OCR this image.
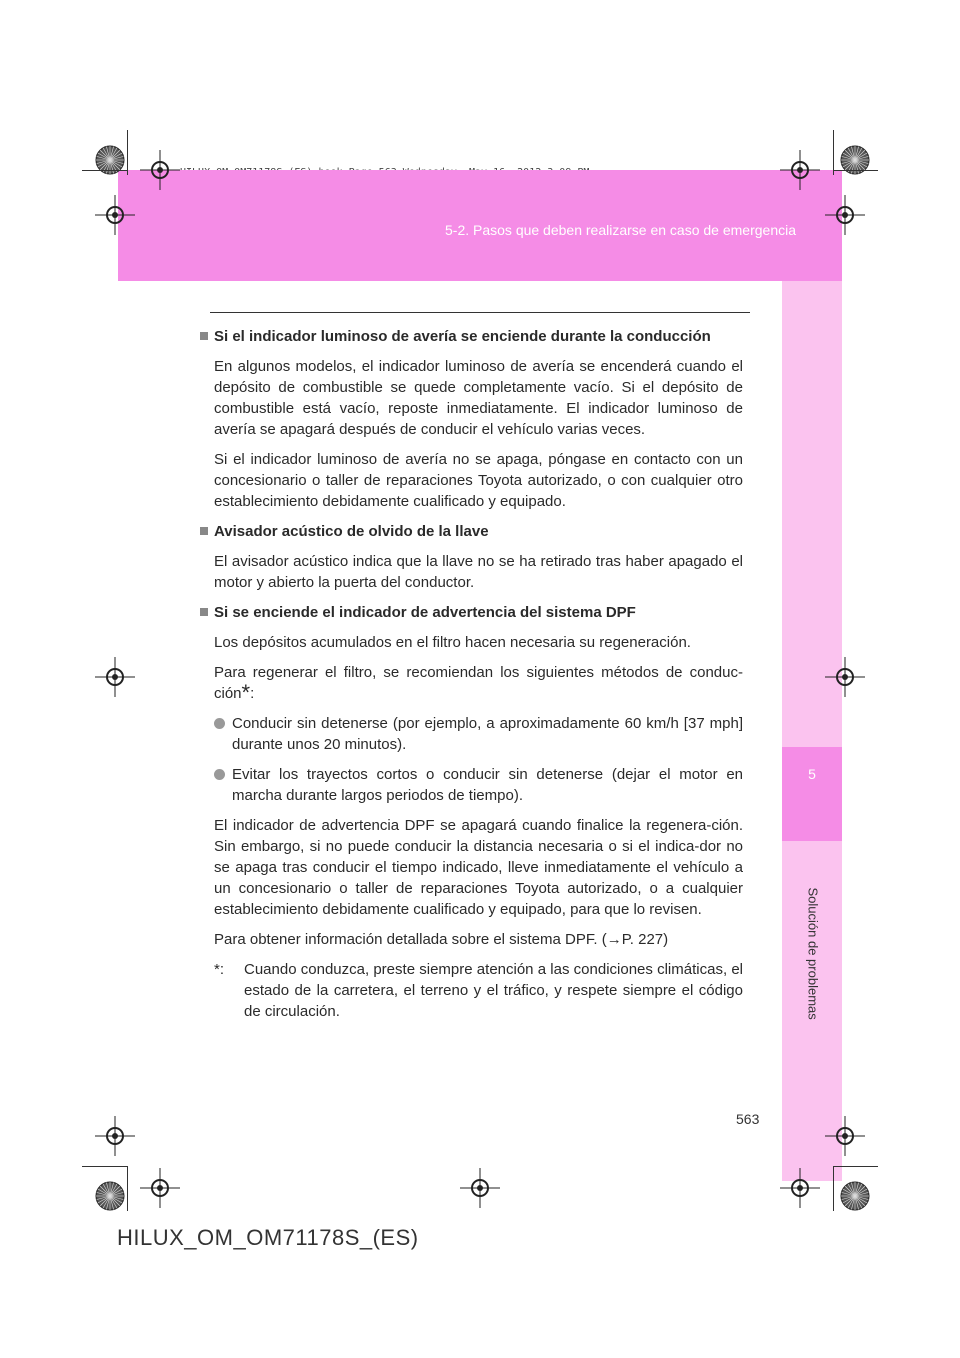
5-2. Pasos que deben realizarse en caso de emergencia
5
Solución de problemas
Si el indicador luminoso de avería se enciende durante la conducción

En algunos modelos, el indicador luminoso de avería se encenderá cuando el depósito de combustible se quede completamente vacío. Si el depósito de combustible está vacío, reposte inmediatamente. El indicador luminoso de avería se apagará después de conducir el vehículo varias veces.

Si el indicador luminoso de avería no se apaga, póngase en contacto con un concesionario o taller de reparaciones Toyota autorizado, o con cualquier otro establecimiento debidamente cualificado y equipado.

Avisador acústico de olvido de la llave

El avisador acústico indica que la llave no se ha retirado tras haber apagado el motor y abierto la puerta del conductor.

Si se enciende el indicador de advertencia del sistema DPF

Los depósitos acumulados en el filtro hacen necesaria su regeneración.

Para regenerar el filtro, se recomiendan los siguientes métodos de conduc-ción*:

Conducir sin detenerse (por ejemplo, a aproximadamente 60 km/h [37 mph] durante unos 20 minutos).
Evitar los trayectos cortos o conducir sin detenerse (dejar el motor en marcha durante largos periodos de tiempo).

El indicador de advertencia DPF se apagará cuando finalice la regenera-ción. Sin embargo, si no puede conducir la distancia necesaria o si el indica-dor no se apaga tras conducir el tiempo indicado, lleve inmediatamente el vehículo a un concesionario o taller de reparaciones Toyota autorizado, o a cualquier establecimiento debidamente cualificado y equipado, para que lo revisen.

Para obtener información detallada sobre el sistema DPF. (→P. 227)

*: Cuando conduzca, preste siempre atención a las condiciones climáticas, el estado de la carretera, el terreno y el tráfico, y respete siempre el código de circulación.
563
HILUX_OM_OM71178S_(ES)
